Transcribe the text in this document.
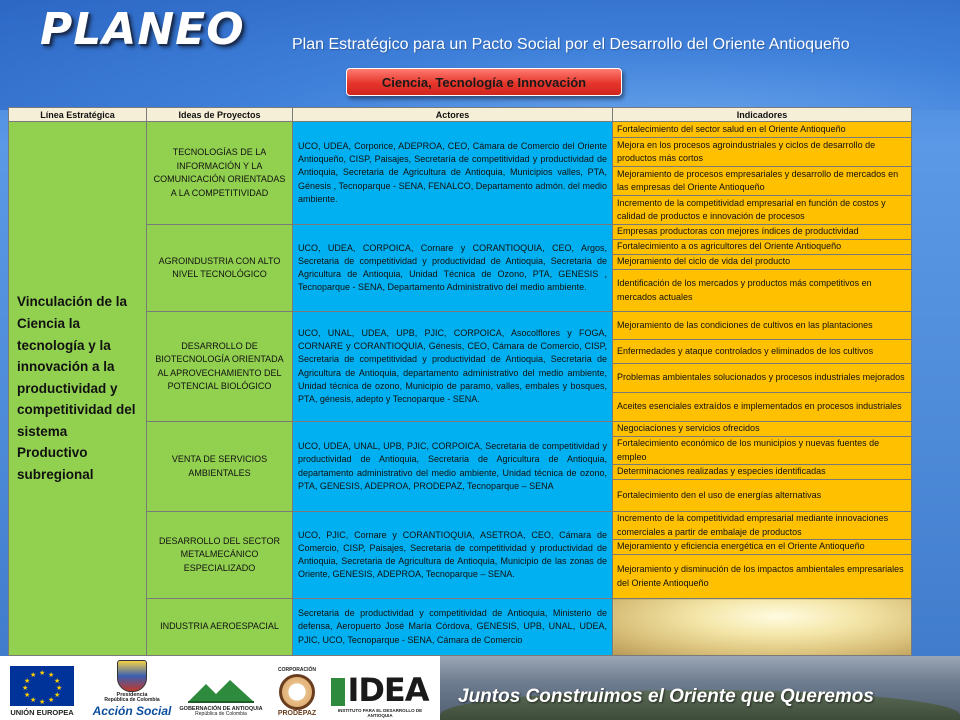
PLANEO	Plan Estratégico para un Pacto Social por el Desarrollo del Oriente Antioqueño
Ciencia, Tecnología e Innovación
Línea Estratégica	Ideas de Proyectos	Actores	Indicadores
Vinculación de la Ciencia la tecnología y la innovación a la productividad y competitividad del sistema Productivo subregional	TECNOLOGÍAS DE LA INFORMACIÓN Y LA COMUNICACIÓN ORIENTADAS A LA COMPETITIVIDAD	UCO, UDEA, Corporice, ADEPROA, CEO, Cámara de Comercio del Oriente Antioqueño, CISP, Paisajes, Secretaría de competitividad y productividad de Antioquia, Secretaria de Agricultura de Antioquia, Municipios valles, PTA, Génesis , Tecnoparque - SENA, FENALCO, Departamento admón. del medio ambiente.	Fortalecimiento del sector salud en el Oriente Antioqueño
			Mejora en los procesos agroindustriales y ciclos de desarrollo de productos más cortos
			Mejoramiento de procesos empresariales y desarrollo de mercados en las empresas del Oriente Antioqueño
			Incremento de la competitividad empresarial en función de costos y calidad de productos e innovación de procesos
	AGROINDUSTRIA CON ALTO NIVEL TECNOLÓGICO	UCO, UDEA, CORPOICA, Cornare y CORANTIOQUIA, CEO, Argos, Secretaria de competitividad y productividad de Antioquia, Secretaria de Agricultura de Antioquia, Unidad Técnica de Ozono, PTA, GENESIS , Tecnoparque - SENA, Departamento Administrativo del medio ambiente.	Empresas productoras con mejores índices de productividad
			Fortalecimiento a os agricultores del Oriente Antioqueño
			Mejoramiento del ciclo de vida del producto
			Identificación de los mercados y productos más competitivos en mercados actuales
	DESARROLLO DE BIOTECNOLOGÍA ORIENTADA AL APROVECHAMIENTO DEL POTENCIAL BIOLÓGICO	UCO, UNAL, UDEA, UPB, PJIC, CORPOICA, Asocolflores y FOGA, CORNARE y CORANTIOQUIA, Génesis, CEO, Cámara de Comercio, CISP, Secretaria de competitividad y productividad de Antioquia, Secretaria de Agricultura de Antioquia, departamento administrativo del medio ambiente, Unidad técnica de ozono, Municipio de paramo, valles, embales y bosques, PTA, génesis, adepto y Tecnoparque - SENA.	Mejoramiento de las condiciones de cultivos en las plantaciones
			Enfermedades y ataque controlados y eliminados de los cultivos
			Problemas ambientales solucionados y procesos industriales mejorados
			Aceites esenciales extraídos e implementados en procesos industriales
	VENTA DE SERVICIOS AMBIENTALES	UCO, UDEA, UNAL, UPB, PJIC, CORPOICA, Secretaria de competitividad y productividad de Antioquia, Secretaria de Agricultura de Antioquia, departamento administrativo del medio ambiente, Unidad técnica de ozono, PTA, GENESIS, ADEPROA, PRODEPAZ, Tecnoparque – SENA	Negociaciones y servicios ofrecidos
			Fortalecimiento económico de los municipios y nuevas fuentes de empleo
			Determinaciones realizadas y especies identificadas
			Fortalecimiento den el uso de energías alternativas
	DESARROLLO DEL SECTOR METALMECÁNICO ESPECIALIZADO	UCO, PJIC, Cornare y CORANTIOQUIA, ASETROA, CEO, Cámara de Comercio, CISP, Paisajes, Secretaria de competitividad y productividad de Antioquia, Secretaria de Agricultura de Antioquia, Municipio de las zonas de Oriente, GENESIS, ADEPROA, Tecnoparque – SENA.	Incremento de la competitividad empresarial mediante innovaciones comerciales a partir de embalaje de productos
			Mejoramiento y eficiencia energética en el Oriente Antioqueño
			Mejoramiento y disminución de los impactos ambientales empresariales del Oriente Antioqueño
	INDUSTRIA AEROESPACIAL	Secretaria de productividad y competitividad de Antioquia, Ministerio de defensa, Aeropuerto José María Córdova, GENESIS, UPB, UNAL, UDEA, PJIC, UCO, Tecnoparque - SENA, Cámara de Comercio	
Juntos Construimos el Oriente que Queremos
★ ★
★
★
★
★
★
★
★
★
★
★
UNIÓN EUROPEA
Presidencia
República de Colombia
Acción Social GOBERNACIÓN DE ANTIOQUIA
República de Colombia
CORPORACIÓN
PRODEPAZ
IDEA
INSTITUTO PARA EL DESARROLLO DE ANTIOQUIA
